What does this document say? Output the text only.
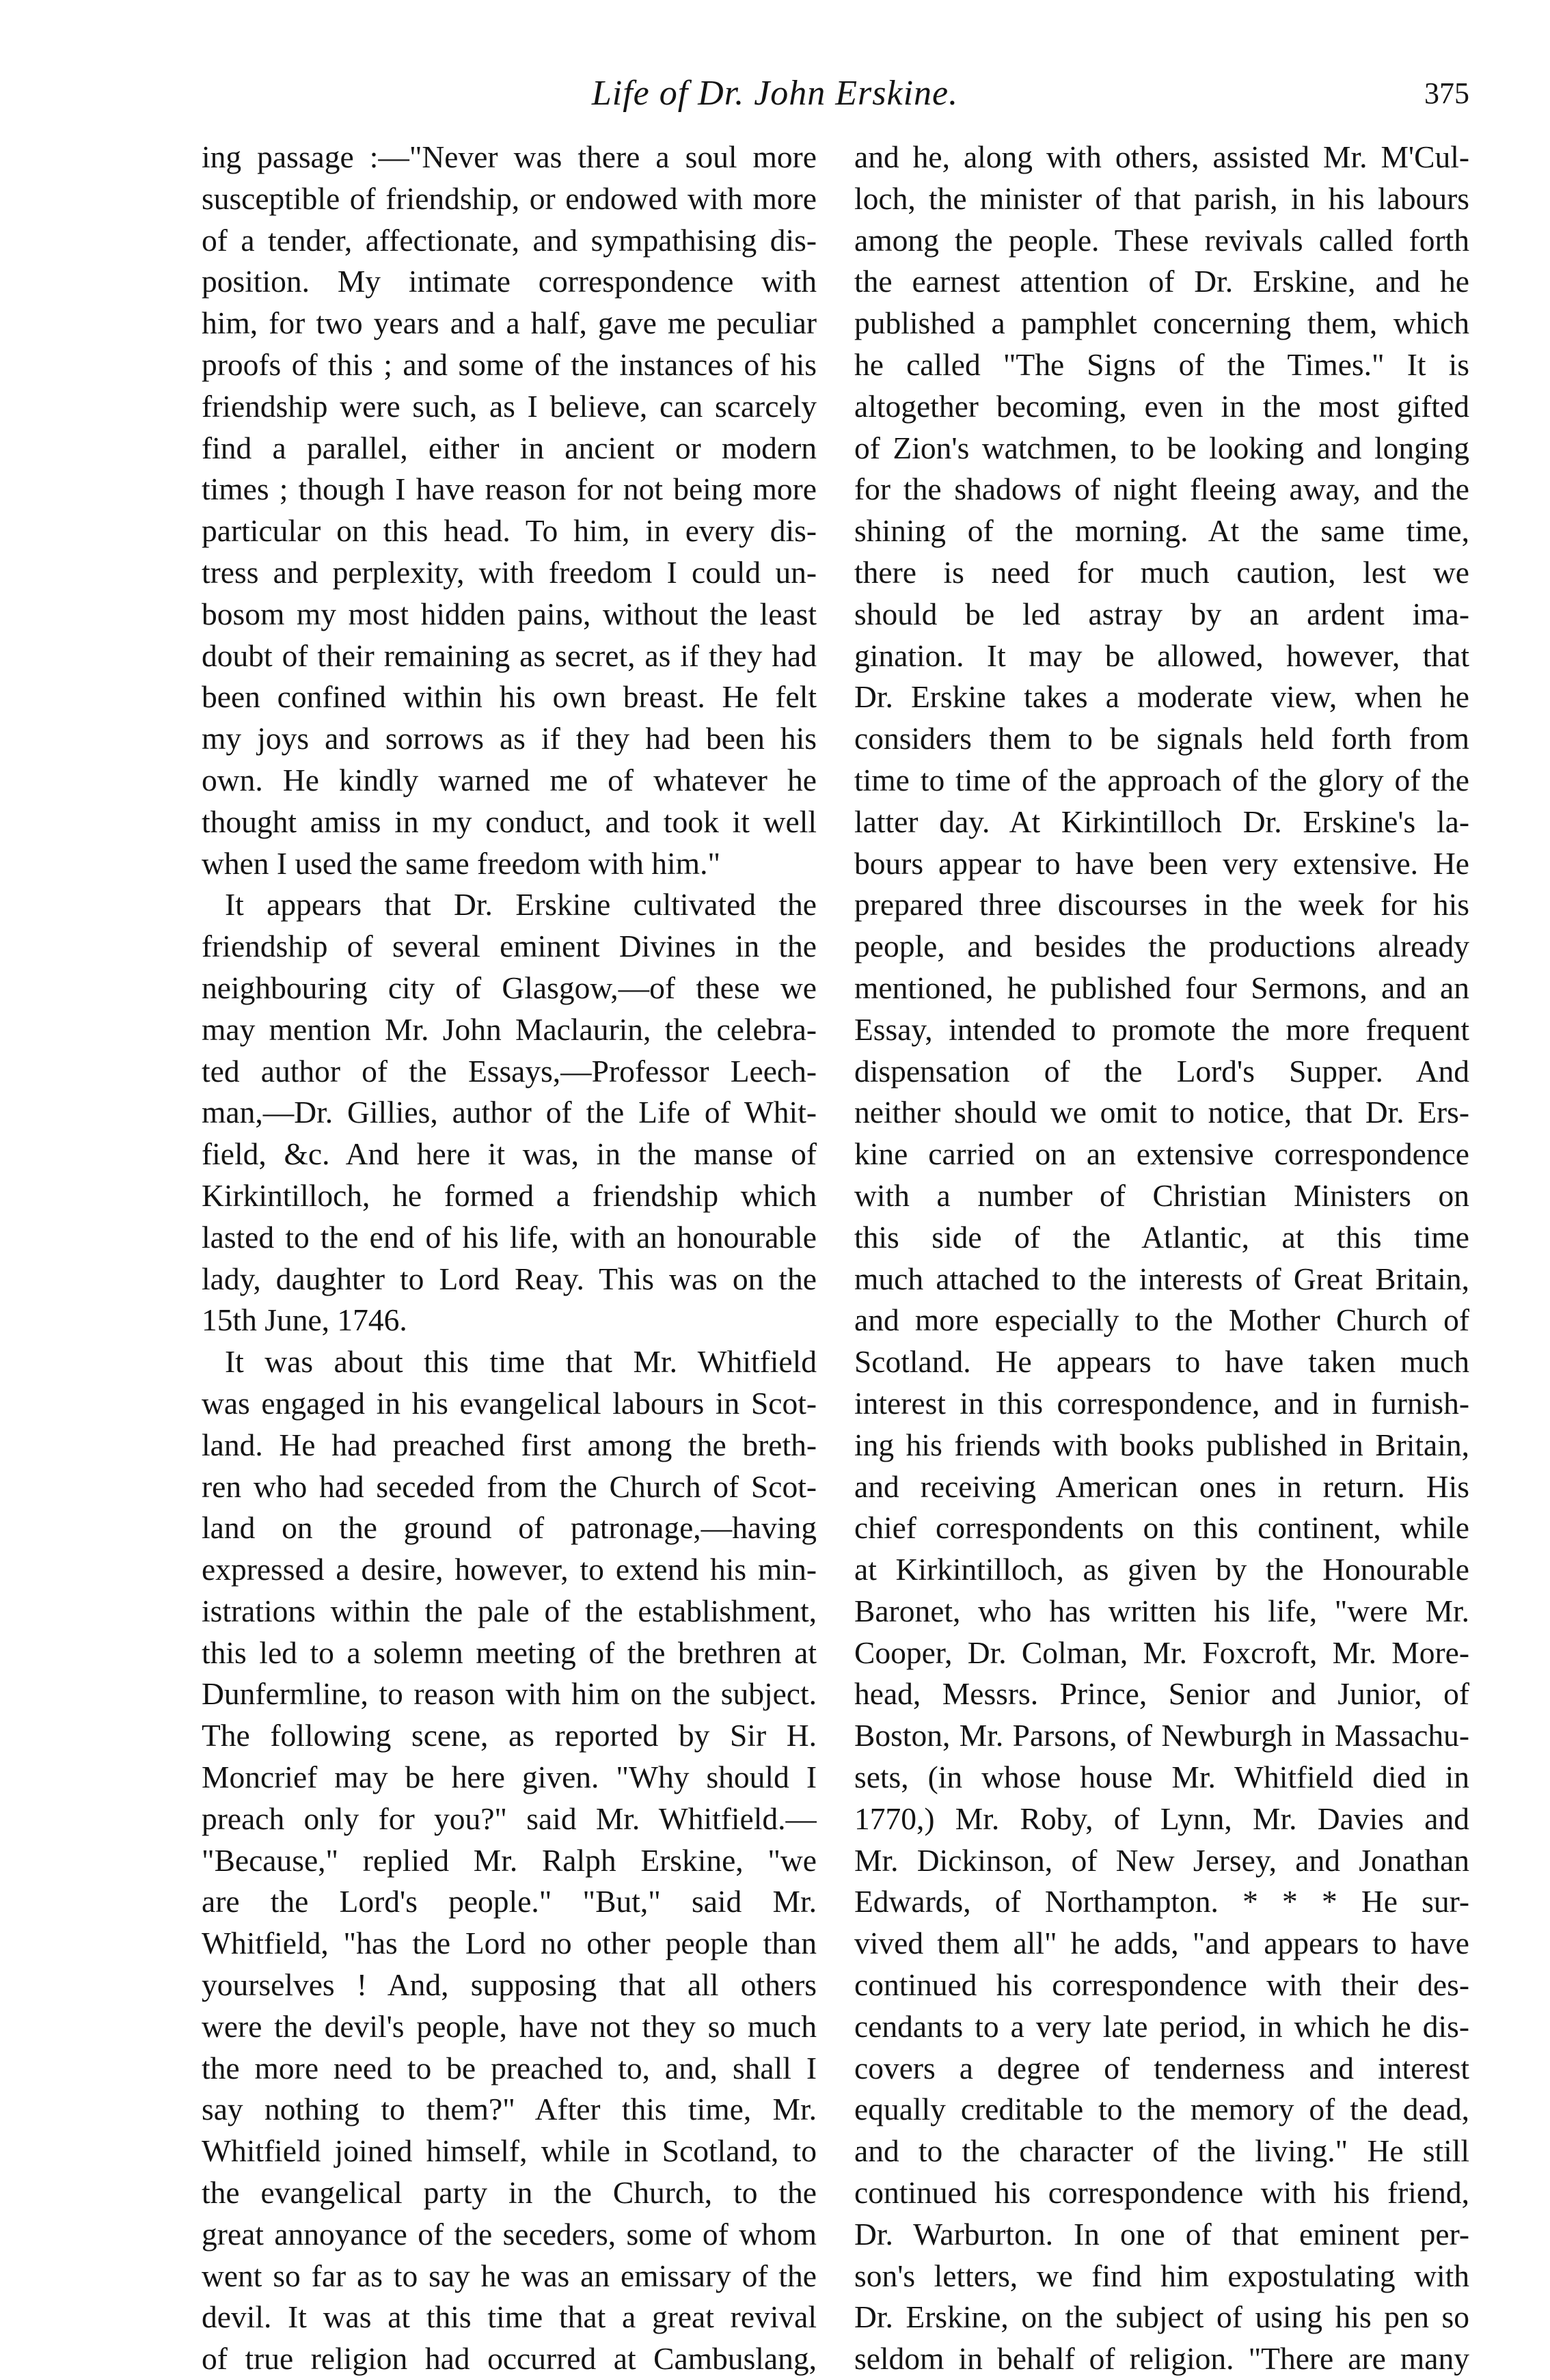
Life of Dr. John Erskine.	375
ing passage :—"Never was there a soul more
susceptible of friendship, or endowed with more
of a tender, affectionate, and sympathising dis-
position. My intimate correspondence with
him, for two years and a half, gave me peculiar
proofs of this ; and some of the instances of his
friendship were such, as I believe, can scarcely
find a parallel, either in ancient or modern
times ; though I have reason for not being more
particular on this head. To him, in every dis-
tress and perplexity, with freedom I could un-
bosom my most hidden pains, without the least
doubt of their remaining as secret, as if they had
been confined within his own breast. He felt
my joys and sorrows as if they had been his
own. He kindly warned me of whatever he
thought amiss in my conduct, and took it well
when I used the same freedom with him."
It appears that Dr. Erskine cultivated the
friendship of several eminent Divines in the
neighbouring city of Glasgow,—of these we
may mention Mr. John Maclaurin, the celebra-
ted author of the Essays,—Professor Leech-
man,—Dr. Gillies, author of the Life of Whit-
field, &c. And here it was, in the manse of
Kirkintilloch, he formed a friendship which
lasted to the end of his life, with an honourable
lady, daughter to Lord Reay. This was on the
15th June, 1746.
It was about this time that Mr. Whitfield
was engaged in his evangelical labours in Scot-
land. He had preached first among the breth-
ren who had seceded from the Church of Scot-
land on the ground of patronage,—having
expressed a desire, however, to extend his min-
istrations within the pale of the establishment,
this led to a solemn meeting of the brethren at
Dunfermline, to reason with him on the subject.
The following scene, as reported by Sir H.
Moncrief may be here given. "Why should I
preach only for you?" said Mr. Whitfield.—
"Because," replied Mr. Ralph Erskine, "we
are the Lord's people." "But," said Mr.
Whitfield, "has the Lord no other people than
yourselves ! And, supposing that all others
were the devil's people, have not they so much
the more need to be preached to, and, shall I
say nothing to them?" After this time, Mr.
Whitfield joined himself, while in Scotland, to
the evangelical party in the Church, to the
great annoyance of the seceders, some of whom
went so far as to say he was an emissary of the
devil. It was at this time that a great revival
of true religion had occurred at Cambuslang,
and he, along with others, assisted Mr. M'Cul-
loch, the minister of that parish, in his labours
among the people. These revivals called forth
the earnest attention of Dr. Erskine, and he
published a pamphlet concerning them, which
he called "The Signs of the Times." It is
altogether becoming, even in the most gifted
of Zion's watchmen, to be looking and longing
for the shadows of night fleeing away, and the
shining of the morning. At the same time,
there is need for much caution, lest we
should be led astray by an ardent ima-
gination. It may be allowed, however, that
Dr. Erskine takes a moderate view, when he
considers them to be signals held forth from
time to time of the approach of the glory of the
latter day. At Kirkintilloch Dr. Erskine's la-
bours appear to have been very extensive. He
prepared three discourses in the week for his
people, and besides the productions already
mentioned, he published four Sermons, and an
Essay, intended to promote the more frequent
dispensation of the Lord's Supper. And
neither should we omit to notice, that Dr. Ers-
kine carried on an extensive correspondence
with a number of Christian Ministers on
this side of the Atlantic, at this time
much attached to the interests of Great Britain,
and more especially to the Mother Church of
Scotland. He appears to have taken much
interest in this correspondence, and in furnish-
ing his friends with books published in Britain,
and receiving American ones in return. His
chief correspondents on this continent, while
at Kirkintilloch, as given by the Honourable
Baronet, who has written his life, "were Mr.
Cooper, Dr. Colman, Mr. Foxcroft, Mr. More-
head, Messrs. Prince, Senior and Junior, of
Boston, Mr. Parsons, of Newburgh in Massachu-
sets, (in whose house Mr. Whitfield died in
1770,) Mr. Roby, of Lynn, Mr. Davies and
Mr. Dickinson, of New Jersey, and Jonathan
Edwards, of Northampton. * * * He sur-
vived them all" he adds, "and appears to have
continued his correspondence with their des-
cendants to a very late period, in which he dis-
covers a degree of tenderness and interest
equally creditable to the memory of the dead,
and to the character of the living." He still
continued his correspondence with his friend,
Dr. Warburton. In one of that eminent per-
son's letters, we find him expostulating with
Dr. Erskine, on the subject of using his pen so
seldom in behalf of religion. "There are many
